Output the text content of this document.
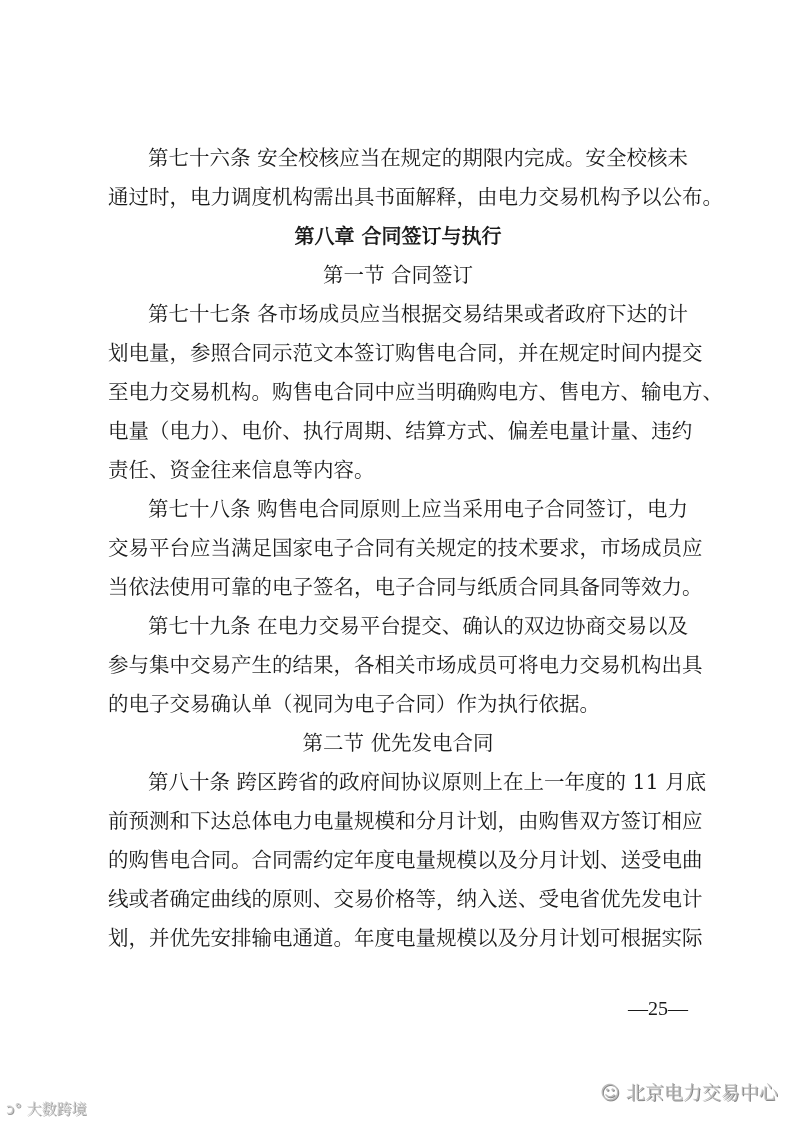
第七十六条 安全校核应当在规定的期限内完成。安全校核未
通过时，电力调度机构需出具书面解释，由电力交易机构予以公布。
第八章 合同签订与执行
第一节 合同签订
第七十七条 各市场成员应当根据交易结果或者政府下达的计
划电量，参照合同示范文本签订购售电合同，并在规定时间内提交
至电力交易机构。购售电合同中应当明确购电方、售电方、输电方、
电量（电力）、电价、执行周期、结算方式、偏差电量计量、违约
责任、资金往来信息等内容。
第七十八条 购售电合同原则上应当采用电子合同签订，电力
交易平台应当满足国家电子合同有关规定的技术要求，市场成员应
当依法使用可靠的电子签名，电子合同与纸质合同具备同等效力。
第七十九条 在电力交易平台提交、确认的双边协商交易以及
参与集中交易产生的结果，各相关市场成员可将电力交易机构出具
的电子交易确认单（视同为电子合同）作为执行依据。
第二节 优先发电合同
第八十条 跨区跨省的政府间协议原则上在上一年度的 11 月底
前预测和下达总体电力电量规模和分月计划，由购售双方签订相应
的购售电合同。合同需约定年度电量规模以及分月计划、送受电曲
线或者确定曲线的原则、交易价格等，纳入送、受电省优先发电计
划，并优先安排输电通道。年度电量规模以及分月计划可根据实际
—25—
☺ 北京电力交易中心
ↄ° 大数跨境
